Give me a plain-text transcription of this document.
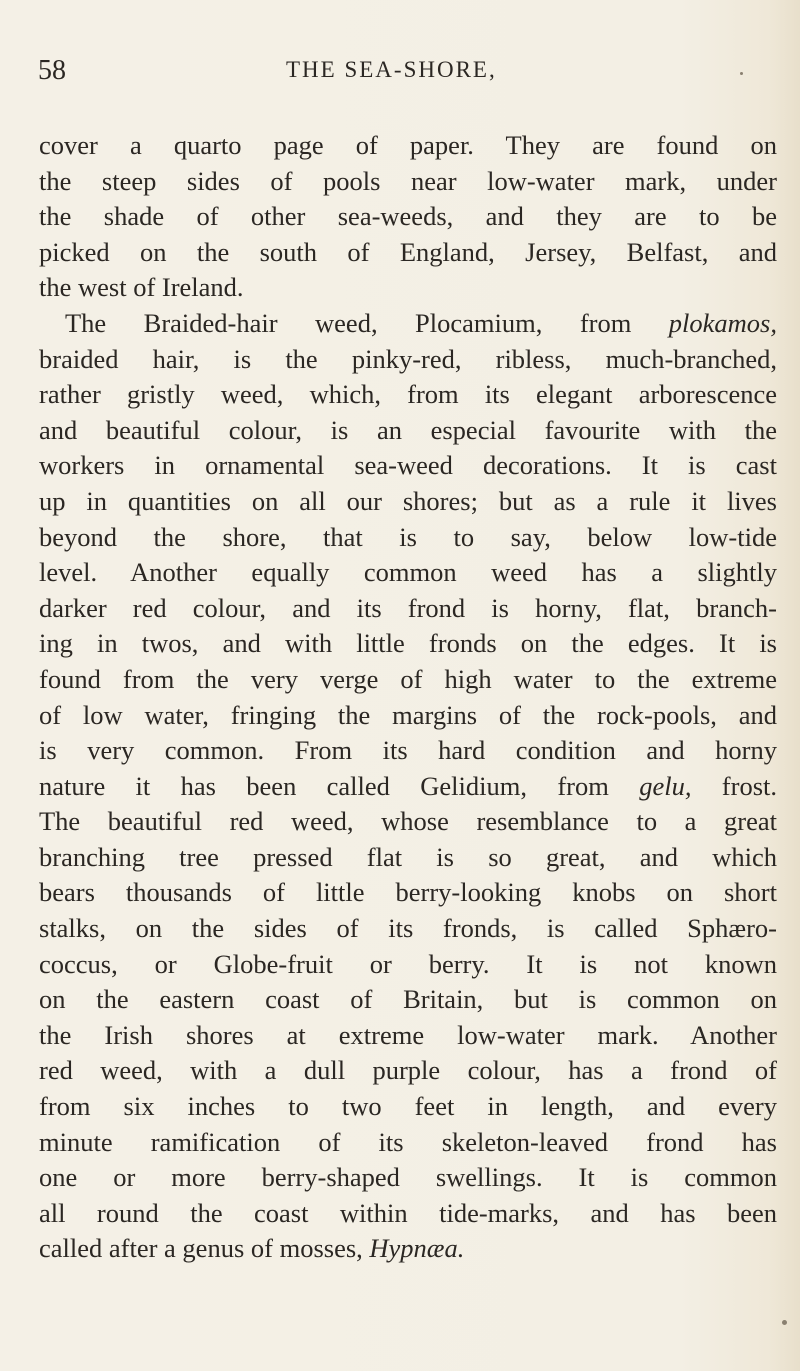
58	THE SEA-SHORE,
cover a quarto page of paper. They are found on
the steep sides of pools near low-water mark, under
the shade of other sea-weeds, and they are to be
picked on the south of England, Jersey, Belfast, and
the west of Ireland.
The Braided-hair weed, Plocamium, from plokamos,
braided hair, is the pinky-red, ribless, much-branched,
rather gristly weed, which, from its elegant arborescence
and beautiful colour, is an especial favourite with the
workers in ornamental sea-weed decorations. It is cast
up in quantities on all our shores; but as a rule it lives
beyond the shore, that is to say, below low-tide
level. Another equally common weed has a slightly
darker red colour, and its frond is horny, flat, branch-
ing in twos, and with little fronds on the edges. It is
found from the very verge of high water to the extreme
of low water, fringing the margins of the rock-pools, and
is very common. From its hard condition and horny
nature it has been called Gelidium, from gelu, frost.
The beautiful red weed, whose resemblance to a great
branching tree pressed flat is so great, and which
bears thousands of little berry-looking knobs on short
stalks, on the sides of its fronds, is called Sphæro-
coccus, or Globe-fruit or berry. It is not known
on the eastern coast of Britain, but is common on
the Irish shores at extreme low-water mark. Another
red weed, with a dull purple colour, has a frond of
from six inches to two feet in length, and every
minute ramification of its skeleton-leaved frond has
one or more berry-shaped swellings. It is common
all round the coast within tide-marks, and has been
called after a genus of mosses, Hypnæa.
